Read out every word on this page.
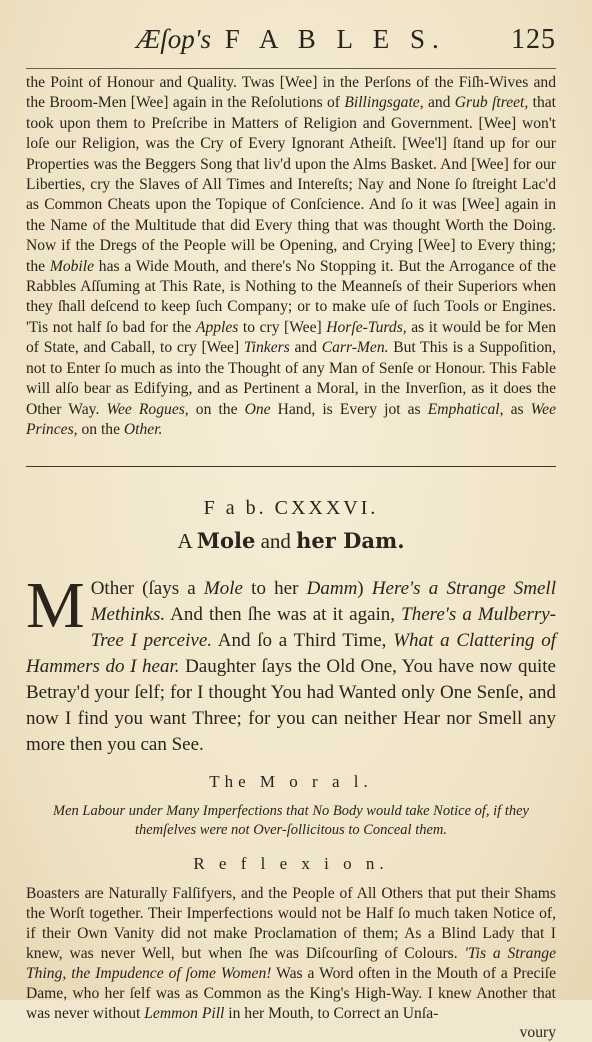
Æſop's F A B L E S.	125

the Point of Honour and Quality. Twas [Wee] in the Perſons of the Fiſh-Wives and the Broom-Men [Wee] again in the Reſolutions of Billingsgate, and Grub ſtreet, that took upon them to Preſcribe in Matters of Religion and Government. [Wee] won't loſe our Religion, was the Cry of Every Ignorant Atheiſt. [Wee'l] ſtand up for our Properties was the Beggers Song that liv'd upon the Alms Basket. And [Wee] for our Liberties, cry the Slaves of All Times and Intereſts; Nay and None ſo ſtreight Lac'd as Common Cheats upon the Topique of Conſcience. And ſo it was [Wee] again in the Name of the Multitude that did Every thing that was thought Worth the Doing. Now if the Dregs of the People will be Opening, and Crying [Wee] to Every thing; the Mobile has a Wide Mouth, and there's No Stopping it. But the Arrogance of the Rabbles Aſſuming at This Rate, is Nothing to the Meanneſs of their Superiors when they ſhall deſcend to keep ſuch Company; or to make uſe of ſuch Tools or Engines. 'Tis not half ſo bad for the Apples to cry [Wee] Horſe-Turds, as it would be for Men of State, and Caball, to cry [Wee] Tinkers and Carr-Men. But This is a Suppoſition, not to Enter ſo much as into the Thought of any Man of Senſe or Honour. This Fable will alſo bear as Edifying, and as Pertinent a Moral, in the Inverſion, as it does the Other Way. Wee Rogues, on the One Hand, is Every jot as Emphatical, as Wee Princes, on the Other.

F a b. CXXXVI.
A Mole and her Dam.
M Other (ſays a Mole to her Damm) Here's a Strange Smell Methinks. And then ſhe was at it again, There's a Mulberry-Tree I perceive. And ſo a Third Time, What a Clattering of Hammers do I hear. Daughter ſays the Old One, You have now quite Betray'd your ſelf; for I thought You had Wanted only One Senſe, and now I find you want Three; for you can neither Hear nor Smell any more then you can See.
The M o r a l.
Men Labour under Many Imperfections that No Body would take Notice of, if they themſelves were not Over-ſollicitous to Conceal them.
R e f l e x i o n.
Boasters are Naturally Falſifyers, and the People of All Others that put their Shams the Worſt together. Their Imperfections would not be Half ſo much taken Notice of, if their Own Vanity did not make Proclamation of them; As a Blind Lady that I knew, was never Well, but when ſhe was Diſcourſing of Colours. 'Tis a Strange Thing, the Impudence of ſome Women! Was a Word often in the Mouth of a Preciſe Dame, who her ſelf was as Common as the King's High-Way. I knew Another that was never without Lemmon Pill in her Mouth, to Correct an Unſa-
voury
